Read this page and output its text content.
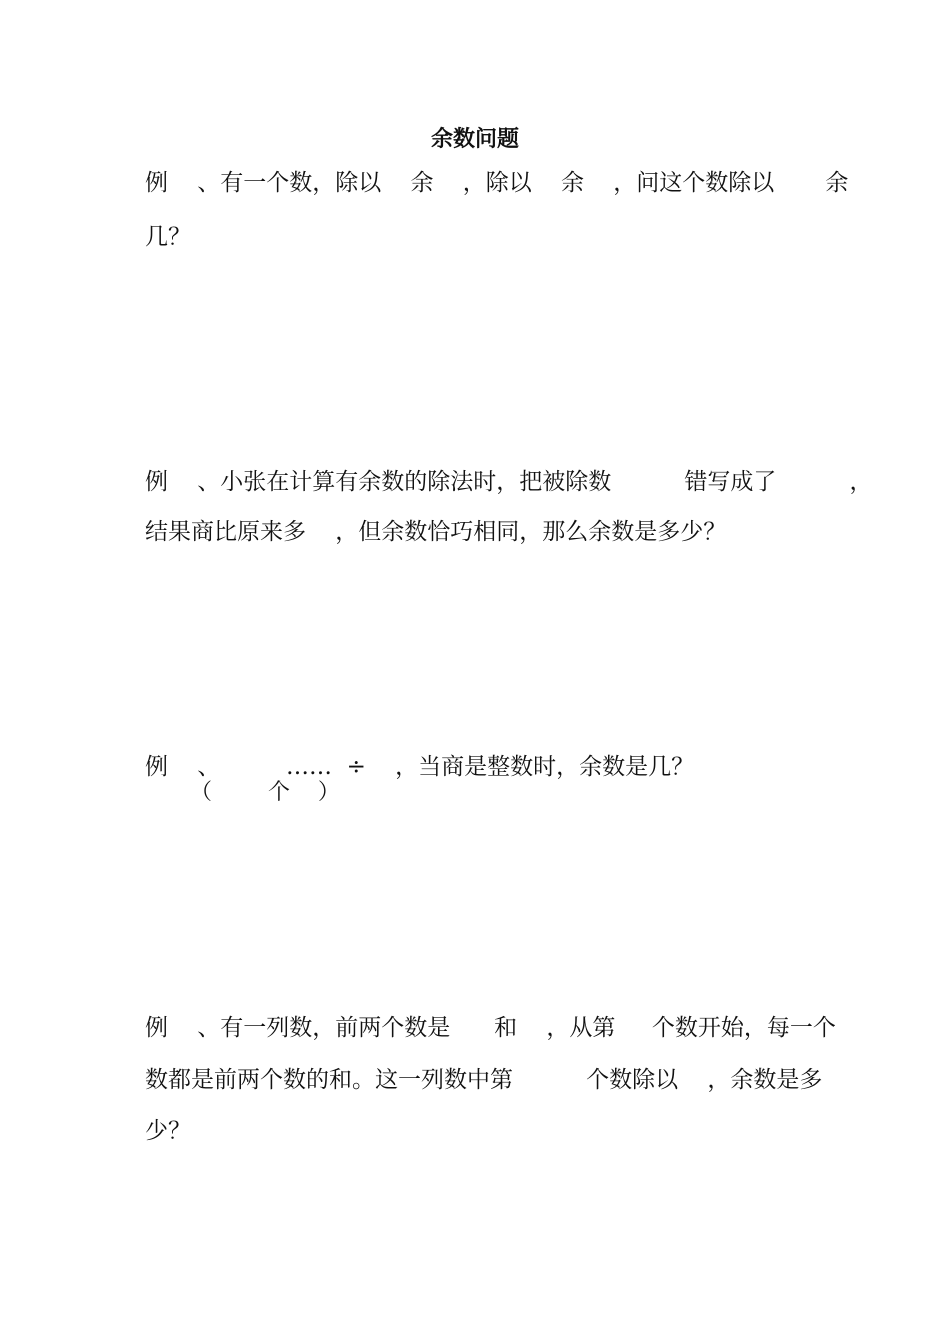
余数问题
例    、有一个数，除以    余    ，除以    余    ，问这个数除以       余
几？
例    、小张在计算有余数的除法时，把被除数          错写成了          ，
结果商比原来多    ，但余数恰巧相同，那么余数是多少？
例    、         ……  ÷    ，当商是整数时，余数是几？
（        个    ）
例    、有一列数，前两个数是      和    ，从第     个数开始，每一个
数都是前两个数的和。这一列数中第          个数除以    ，余数是多
少？
